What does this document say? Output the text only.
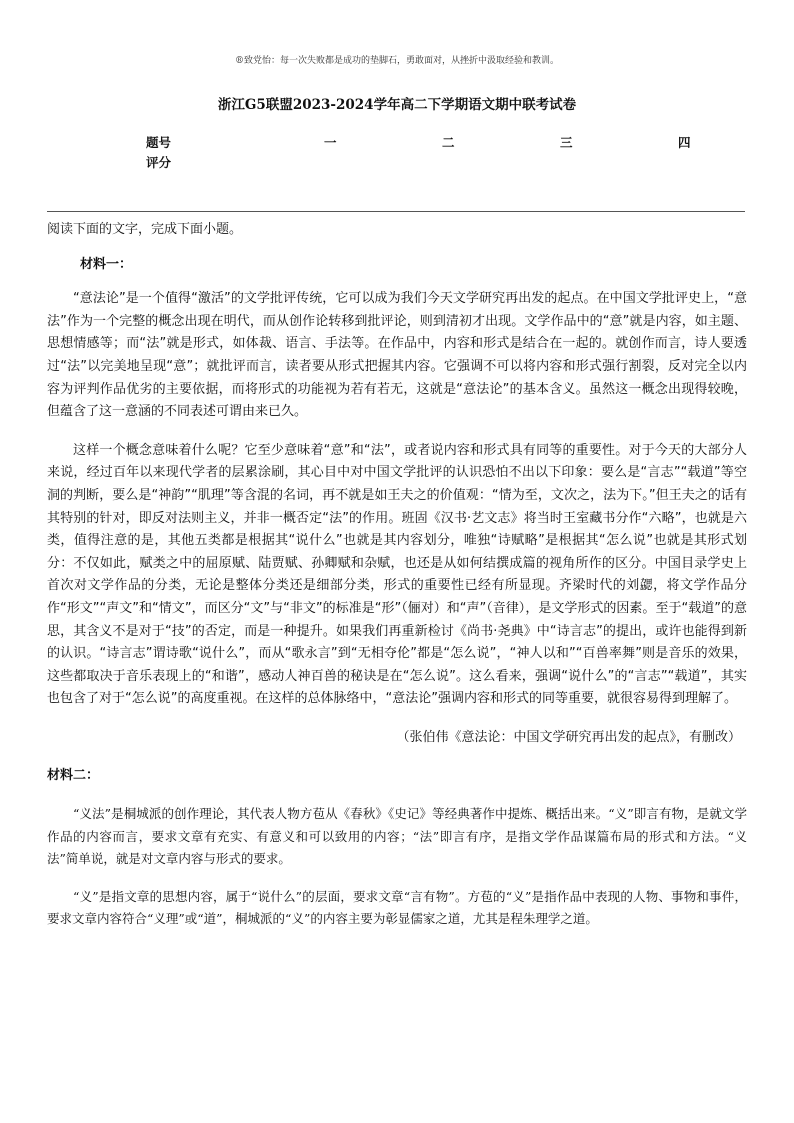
®致党怡：每一次失败都是成功的垫脚石，勇敢面对，从挫折中汲取经验和教训。
浙江G5联盟2023-2024学年高二下学期语文期中联考试卷
题号	一	二	三	四
评分

阅读下面的文字，完成下面小题。

材料一：

“意法论”是一个值得“激活”的文学批评传统，它可以成为我们今天文学研究再出发的起点。在中国文学批评史上，“意法”作为一个完整的概念出现在明代，而从创作论转移到批评论，则到清初才出现。文学作品中的“意”就是内容，如主题、思想情感等；而“法”就是形式，如体裁、语言、手法等。在作品中，内容和形式是结合在一起的。就创作而言，诗人要透过“法”以完美地呈现“意”；就批评而言，读者要从形式把握其内容。它强调不可以将内容和形式强行割裂，反对完全以内容为评判作品优劣的主要依据，而将形式的功能视为若有若无，这就是“意法论”的基本含义。虽然这一概念出现得较晚，但蕴含了这一意涵的不同表述可谓由来已久。

这样一个概念意味着什么呢？它至少意味着“意”和“法”，或者说内容和形式具有同等的重要性。对于今天的大部分人来说，经过百年以来现代学者的层累涂刷，其心目中对中国文学批评的认识恐怕不出以下印象：要么是“言志”“载道”等空洞的判断，要么是“神韵”“肌理”等含混的名词，再不就是如王夫之的价值观：“情为至，文次之，法为下。”但王夫之的话有其特别的针对，即反对法则主义，并非一概否定“法”的作用。班固《汉书·艺文志》将当时王室藏书分作“六略”，也就是六类，值得注意的是，其他五类都是根据其“说什么”也就是其内容划分，唯独“诗赋略”是根据其“怎么说”也就是其形式划分：不仅如此，赋类之中的屈原赋、陆贾赋、孙卿赋和杂赋，也还是从如何结撰成篇的视角所作的区分。中国目录学史上首次对文学作品的分类，无论是整体分类还是细部分类，形式的重要性已经有所显现。齐梁时代的刘勰，将文学作品分作“形文”“声文”和“情文”，而区分“文”与“非文”的标准是“形”（俪对）和“声”（音律），是文学形式的因素。至于“载道”的意思，其含义不是对于“技”的否定，而是一种提升。如果我们再重新检讨《尚书·尧典》中“诗言志”的提出，或许也能得到新的认识。“诗言志”谓诗歌“说什么”，而从“歌永言”到“无相夺伦”都是“怎么说”，“神人以和”“百兽率舞”则是音乐的效果，这些都取决于音乐表现上的“和谐”，感动人神百兽的秘诀是在“怎么说”。这么看来，强调“说什么”的“言志”“载道”，其实也包含了对于“怎么说”的高度重视。在这样的总体脉络中，“意法论”强调内容和形式的同等重要，就很容易得到理解了。

（张伯伟《意法论：中国文学研究再出发的起点》，有删改）

材料二：

“义法”是桐城派的创作理论，其代表人物方苞从《春秋》《史记》等经典著作中提炼、概括出来。“义”即言有物，是就文学作品的内容而言，要求文章有充实、有意义和可以致用的内容；“法”即言有序，是指文学作品谋篇布局的形式和方法。“义法”简单说，就是对文章内容与形式的要求。

“义”是指文章的思想内容，属于“说什么”的层面，要求文章“言有物”。方苞的“义”是指作品中表现的人物、事物和事件，要求文章内容符合“义理”或“道”，桐城派的“义”的内容主要为彰显儒家之道，尤其是程朱理学之道。
